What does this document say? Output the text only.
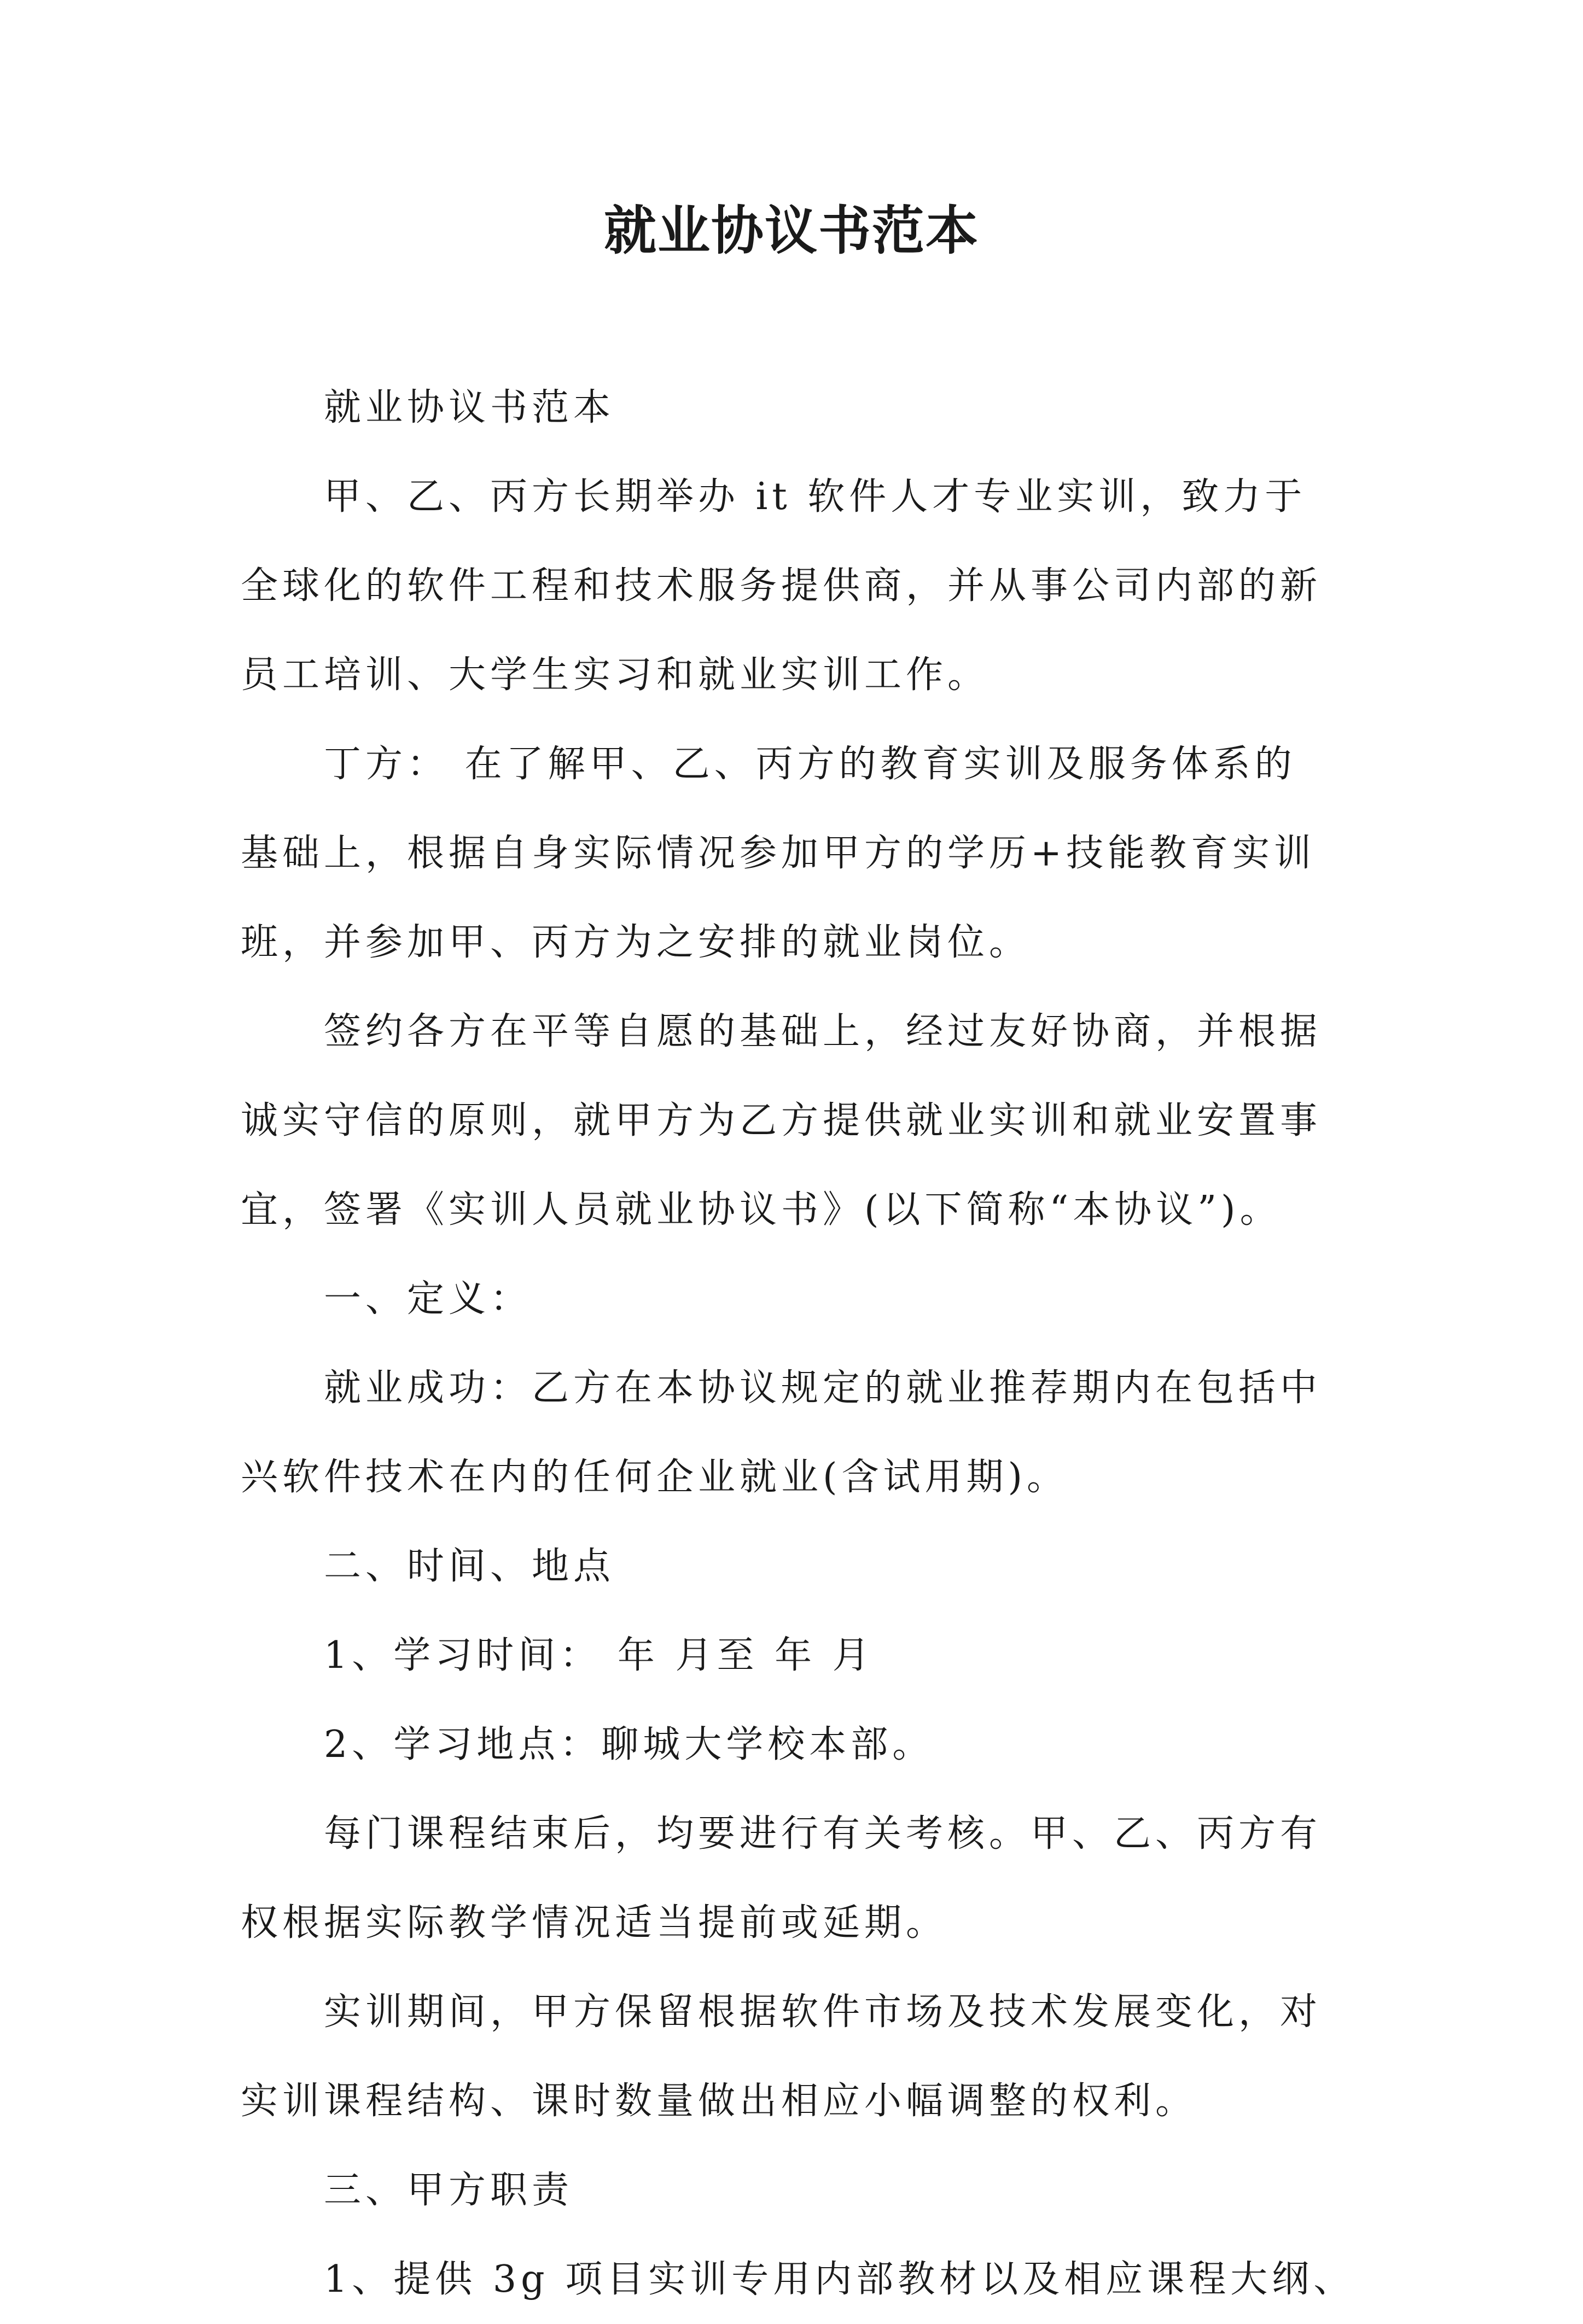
就业协议书范本
就业协议书范本
甲、乙、丙方长期举办 it 软件人才专业实训，致力于
全球化的软件工程和技术服务提供商，并从事公司内部的新
员工培训、大学生实习和就业实训工作。
丁方： 在了解甲、乙、丙方的教育实训及服务体系的
基础上，根据自身实际情况参加甲方的学历+技能教育实训
班，并参加甲、丙方为之安排的就业岗位。
签约各方在平等自愿的基础上，经过友好协商，并根据
诚实守信的原则，就甲方为乙方提供就业实训和就业安置事
宜，签署《实训人员就业协议书》(以下简称“本协议”)。
一、定义：
就业成功：乙方在本协议规定的就业推荐期内在包括中
兴软件技术在内的任何企业就业(含试用期)。
二、时间、地点
1、学习时间： 年 月至 年 月
2、学习地点：聊城大学校本部。
每门课程结束后，均要进行有关考核。甲、乙、丙方有
权根据实际教学情况适当提前或延期。
实训期间，甲方保留根据软件市场及技术发展变化，对
实训课程结构、课时数量做出相应小幅调整的权利。
三、甲方职责
1、提供 3g 项目实训专用内部教材以及相应课程大纲、
